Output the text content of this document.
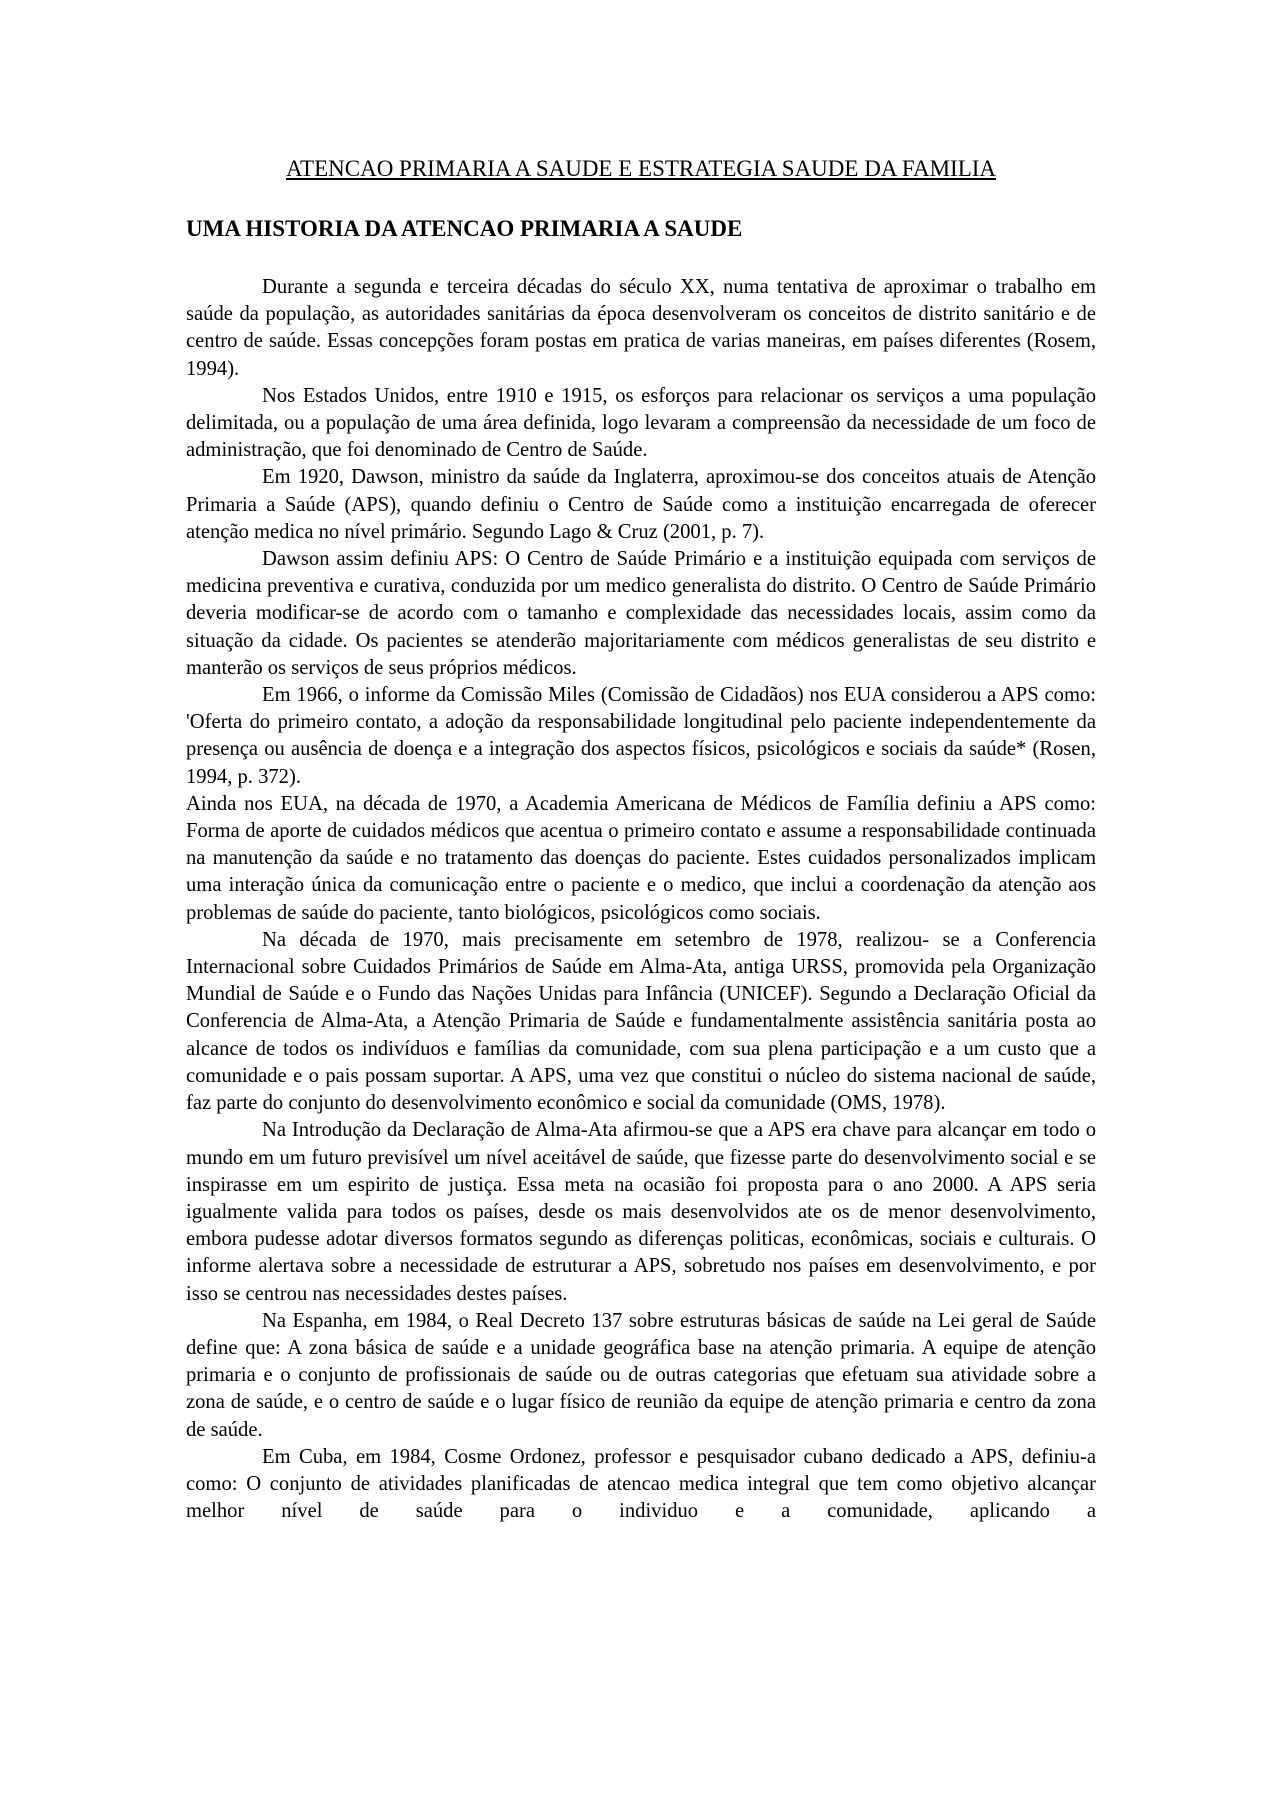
ATENCAO PRIMARIA A SAUDE E ESTRATEGIA SAUDE DA FAMILIA
UMA HISTORIA DA ATENCAO PRIMARIA A SAUDE

Durante a segunda e terceira décadas do século XX, numa tentativa de aproximar o trabalho em saúde da população, as autoridades sanitárias da época desenvolveram os conceitos de distrito sanitário e de centro de saúde. Essas concepções foram postas em pratica de varias maneiras, em países diferentes (Rosem, 1994).

Nos Estados Unidos, entre 1910 e 1915, os esforços para relacionar os serviços a uma população delimitada, ou a população de uma área definida, logo levaram a compreensão da necessidade de um foco de administração, que foi denominado de Centro de Saúde.

Em 1920, Dawson, ministro da saúde da Inglaterra, aproximou-se dos conceitos atuais de Atenção Primaria a Saúde (APS), quando definiu o Centro de Saúde como a instituição encarregada de oferecer atenção medica no nível primário. Segundo Lago & Cruz (2001, p. 7).

Dawson assim definiu APS: O Centro de Saúde Primário e a instituição equipada com serviços de medicina preventiva e curativa, conduzida por um medico generalista do distrito. O Centro de Saúde Primário deveria modificar-se de acordo com o tamanho e complexidade das necessidades locais, assim como da situação da cidade. Os pacientes se atenderão majoritariamente com médicos generalistas de seu distrito e manterão os serviços de seus próprios médicos.

Em 1966, o informe da Comissão Miles (Comissão de Cidadãos) nos EUA considerou a APS como: 'Oferta do primeiro contato, a adoção da responsabilidade longitudinal pelo paciente independentemente da presença ou ausência de doença e a integração dos aspectos físicos, psicológicos e sociais da saúde* (Rosen, 1994, p. 372).

Ainda nos EUA, na década de 1970, a Academia Americana de Médicos de Família definiu a APS como: Forma de aporte de cuidados médicos que acentua o primeiro contato e assume a responsabilidade continuada na manutenção da saúde e no tratamento das doenças do paciente. Estes cuidados personalizados implicam uma interação única da comunicação entre o paciente e o medico, que inclui a coordenação da atenção aos problemas de saúde do paciente, tanto biológicos, psicológicos como sociais.

Na década de 1970, mais precisamente em setembro de 1978, realizou- se a Conferencia Internacional sobre Cuidados Primários de Saúde em Alma-Ata, antiga URSS, promovida pela Organização Mundial de Saúde e o Fundo das Nações Unidas para Infância (UNICEF). Segundo a Declaração Oficial da Conferencia de Alma-Ata, a Atenção Primaria de Saúde e fundamentalmente assistência sanitária posta ao alcance de todos os indivíduos e famílias da comunidade, com sua plena participação e a um custo que a comunidade e o pais possam suportar. A APS, uma vez que constitui o núcleo do sistema nacional de saúde, faz parte do conjunto do desenvolvimento econômico e social da comunidade (OMS, 1978).

Na Introdução da Declaração de Alma-Ata afirmou-se que a APS era chave para alcançar em todo o mundo em um futuro previsível um nível aceitável de saúde, que fizesse parte do desenvolvimento social e se inspirasse em um espirito de justiça. Essa meta na ocasião foi proposta para o ano 2000. A APS seria igualmente valida para todos os países, desde os mais desenvolvidos ate os de menor desenvolvimento, embora pudesse adotar diversos formatos segundo as diferenças politicas, econômicas, sociais e culturais. O informe alertava sobre a necessidade de estruturar a APS, sobretudo nos países em desenvolvimento, e por isso se centrou nas necessidades destes países.

Na Espanha, em 1984, o Real Decreto 137 sobre estruturas básicas de saúde na Lei geral de Saúde define que: A zona básica de saúde e a unidade geográfica base na atenção primaria. A equipe de atenção primaria e o conjunto de profissionais de saúde ou de outras categorias que efetuam sua atividade sobre a zona de saúde, e o centro de saúde e o lugar físico de reunião da equipe de atenção primaria e centro da zona de saúde.

Em Cuba, em 1984, Cosme Ordonez, professor e pesquisador cubano dedicado a APS, definiu-a como: O conjunto de atividades planificadas de atencao medica integral que tem como objetivo alcançar melhor nível de saúde para o individuo e a comunidade, aplicando a
